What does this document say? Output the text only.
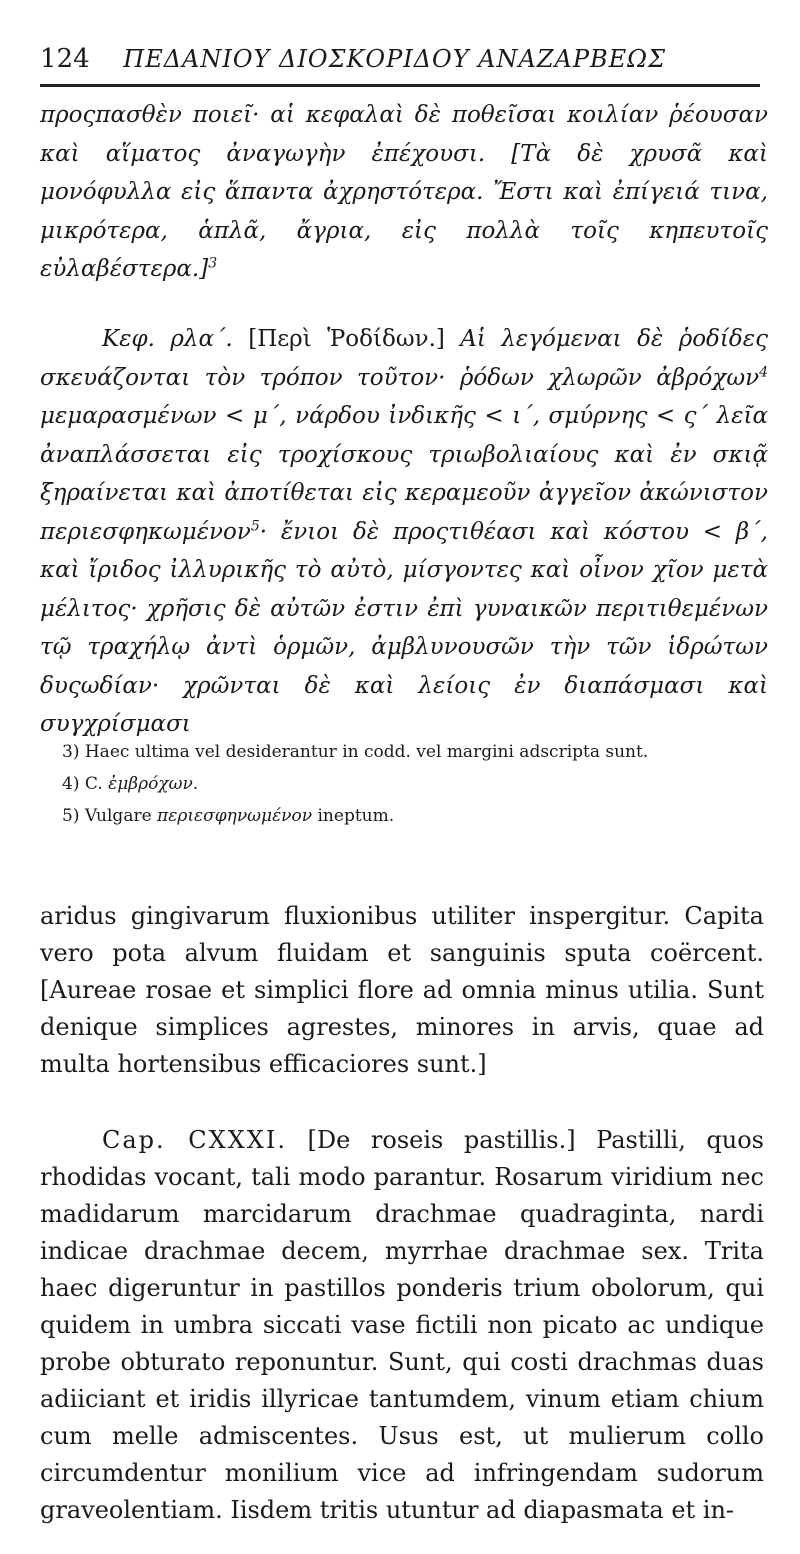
124 ΠΕΔΑΝΙΟΥ ΔΙΟΣΚΟΡΙΔΟΥ ΑΝΑΖΑΡΒΕΩΣ

προςπασθὲν ποιεῖ· αἱ κεφαλαὶ δὲ ποθεῖσαι κοιλίαν ῥέουσαν καὶ αἵματος ἀναγωγὴν ἐπέχουσι. [Τὰ δὲ χρυσᾶ καὶ μονόφυλλα εἰς ἅπαντα ἀχρηστότερα. Ἔστι καὶ ἐπίγειά τινα, μικρότερα, ἁπλᾶ, ἄγρια, εἰς πολλὰ τοῖς κηπευτοῖς εὐλαβέστερα.]$^3$

Κεφ. ρλα΄. [Περὶ Ῥοδίδων.] Αἱ λεγόμεναι δὲ ῥοδίδες σκευάζονται τὸν τρόπον τοῦτον· ῥόδων χλωρῶν ἀβρόχων$^4$ μεμαρασμένων < μ΄, νάρδου ἰνδικῆς < ι΄, σμύρνης < ς΄ λεῖα ἀναπλάσσεται εἰς τροχίσκους τριωβολιαίους καὶ ἐν σκιᾷ ξηραίνεται καὶ ἀποτίθεται εἰς κεραμεοῦν ἀγγεῖον ἀκώνιστον περιεσφηκωμένον$^5$· ἔνιοι δὲ προςτιθέασι καὶ κόστου < β΄, καὶ ἴριδος ἰλλυρικῆς τὸ αὐτὸ, μίσγοντες καὶ οἶνον χῖον μετὰ μέλιτος· χρῆσις δὲ αὐτῶν ἐστιν ἐπὶ γυναικῶν περιτιθεμένων τῷ τραχήλῳ ἀντὶ ὁρμῶν, ἀμβλυνουσῶν τὴν τῶν ἱδρώτων δυςωδίαν· χρῶνται δὲ καὶ λείοις ἐν διαπάσμασι καὶ συγχρίσμασι

3) Haec ultima vel desiderantur in codd. vel margini adscripta sunt.
4) C. ἐμβρόχων.
5) Vulgare περιεσφηνωμένον ineptum.

aridus gingivarum fluxionibus utiliter inspergitur. Capita vero pota alvum fluidam et sanguinis sputa coërcent. [Aureae rosae et simplici flore ad omnia minus utilia. Sunt denique simplices agrestes, minores in arvis, quae ad multa hortensibus efficaciores sunt.]

Cap. CXXXI. [De roseis pastillis.] Pastilli, quos rhodidas vocant, tali modo parantur. Rosarum viridium nec madidarum marcidarum drachmae quadraginta, nardi indicae drachmae decem, myrrhae drachmae sex. Trita haec digeruntur in pastillos ponderis trium obolorum, qui quidem in umbra siccati vase fictili non picato ac undique probe obturato reponuntur. Sunt, qui costi drachmas duas adiiciant et iridis illyricae tantumdem, vinum etiam chium cum melle admiscentes. Usus est, ut mulierum collo circumdentur monilium vice ad infringendam sudorum graveolentiam. Iisdem tritis utuntur ad diapasmata et in-
